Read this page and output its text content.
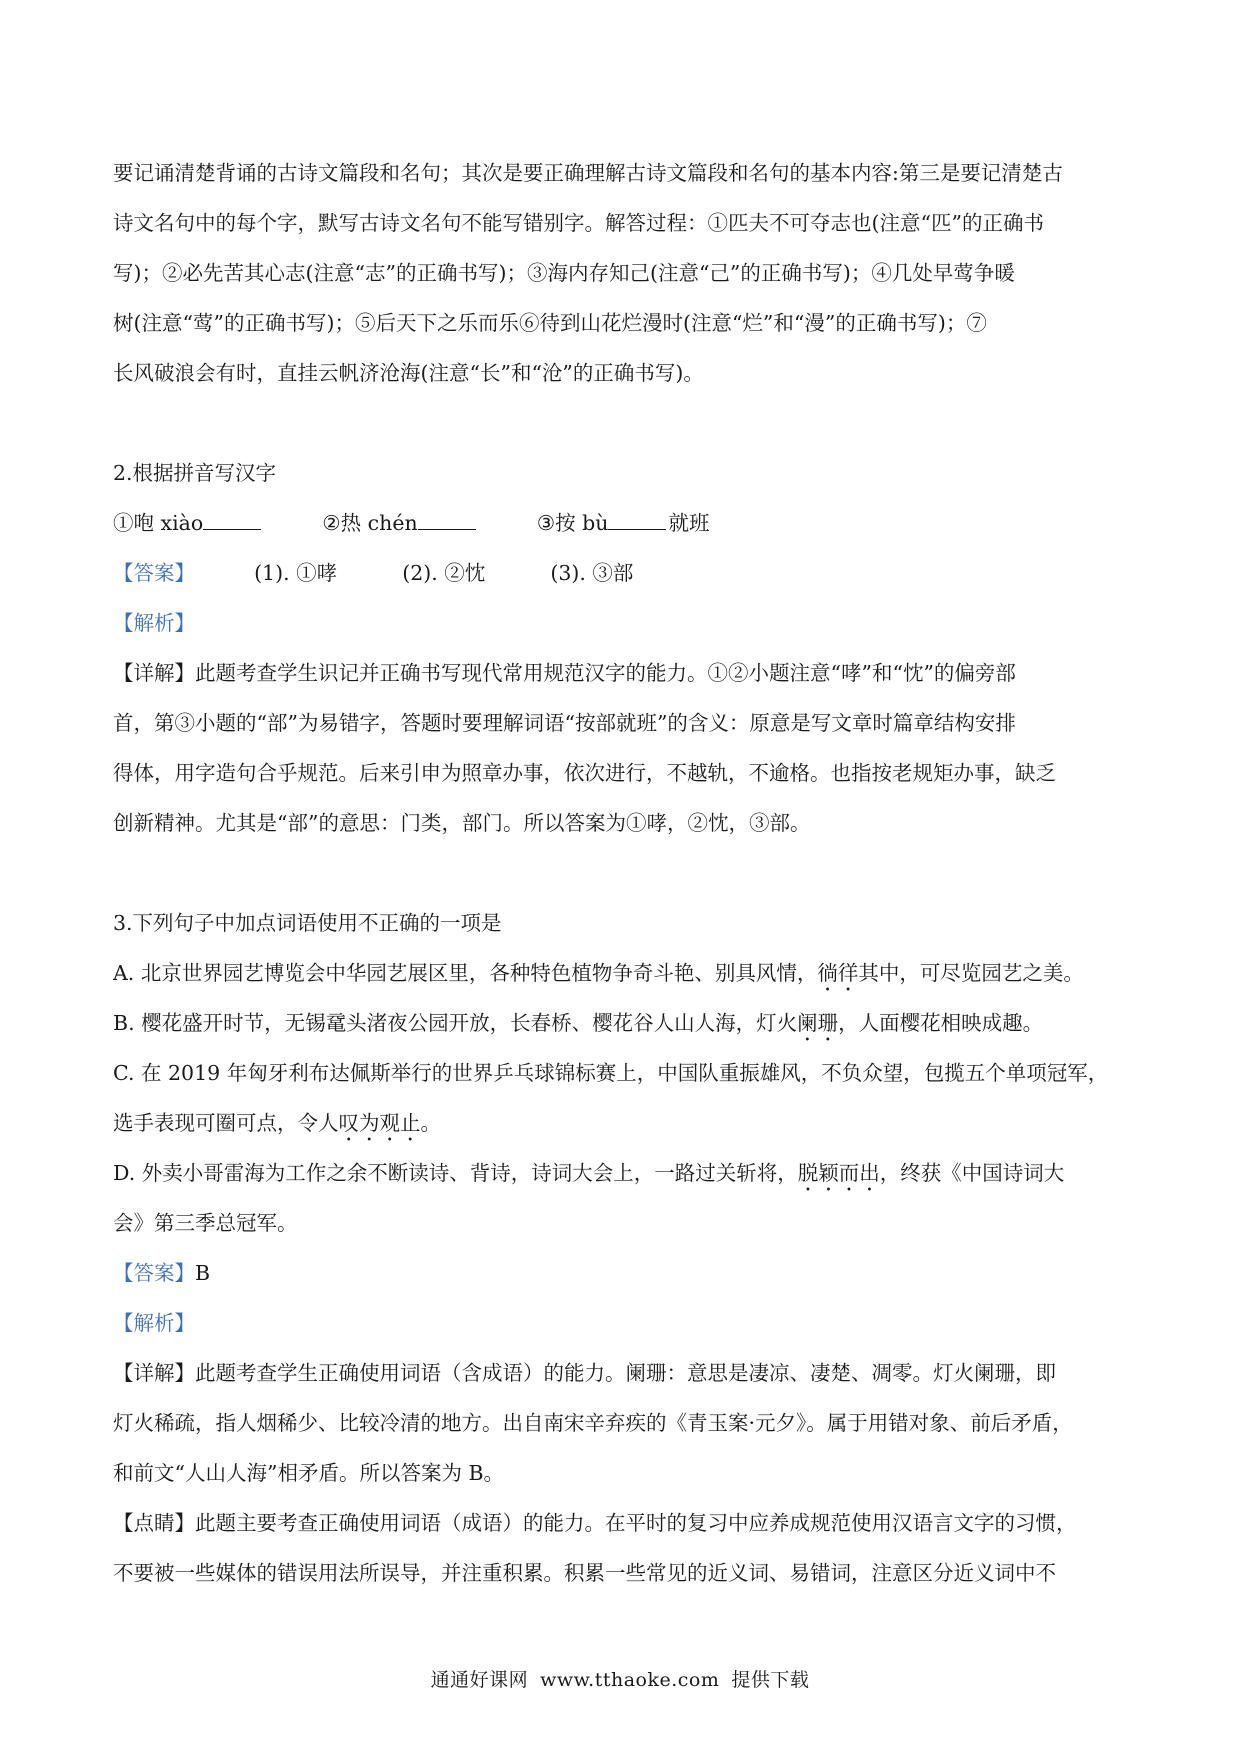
要记诵清楚背诵的古诗文篇段和名句；其次是要正确理解古诗文篇段和名句的基本内容:第三是要记清楚古
诗文名句中的每个字，默写古诗文名句不能写错别字。解答过程：①匹夫不可夺志也(注意“匹”的正确书
写)；②必先苦其心志(注意“志”的正确书写)；③海内存知己(注意“己”的正确书写)；④几处早莺争暖
树(注意“莺”的正确书写)；⑤后天下之乐而乐⑥待到山花烂漫时(注意“烂”和“漫”的正确书写)；⑦
长风破浪会有时，直挂云帆济沧海(注意“长”和“沧”的正确书写)。
2.根据拼音写汉字
①咆 xiào	②热 chén	③按 bù	就班
【答案】	(1). ①哮	(2). ②忱	(3). ③部
【解析】
【详解】此题考查学生识记并正确书写现代常用规范汉字的能力。①②小题注意“哮”和“忱”的偏旁部
首，第③小题的“部”为易错字，答题时要理解词语“按部就班”的含义：原意是写文章时篇章结构安排
得体，用字造句合乎规范。后来引申为照章办事，依次进行，不越轨，不逾格。也指按老规矩办事，缺乏
创新精神。尤其是“部”的意思：门类，部门。所以答案为①哮，②忱，③部。
3.下列句子中加点词语使用不正确的一项是
A. 北京世界园艺博览会中华园艺展区里，各种特色植物争奇斗艳、别具风情，徜徉其中，可尽览园艺之美。
B. 樱花盛开时节，无锡鼋头渚夜公园开放，长春桥、樱花谷人山人海，灯火阑珊，人面樱花相映成趣。
C. 在 2019 年匈牙利布达佩斯举行的世界乒乓球锦标赛上，中国队重振雄风，不负众望，包揽五个单项冠军，
选手表现可圈可点，令人叹为观止。
D. 外卖小哥雷海为工作之余不断读诗、背诗，诗词大会上，一路过关斩将，脱颖而出，终获《中国诗词大
会》第三季总冠军。
【答案】B
【解析】
【详解】此题考查学生正确使用词语（含成语）的能力。阑珊：意思是凄凉、凄楚、凋零。灯火阑珊，即
灯火稀疏，指人烟稀少、比较冷清的地方。出自南宋辛弃疾的《青玉案·元夕》。属于用错对象、前后矛盾，
和前文“人山人海”相矛盾。所以答案为 B。
【点睛】此题主要考查正确使用词语（成语）的能力。在平时的复习中应养成规范使用汉语言文字的习惯，
不要被一些媒体的错误用法所误导，并注重积累。积累一些常见的近义词、易错词，注意区分近义词中不
通通好课网 www.tthaoke.com 提供下载
